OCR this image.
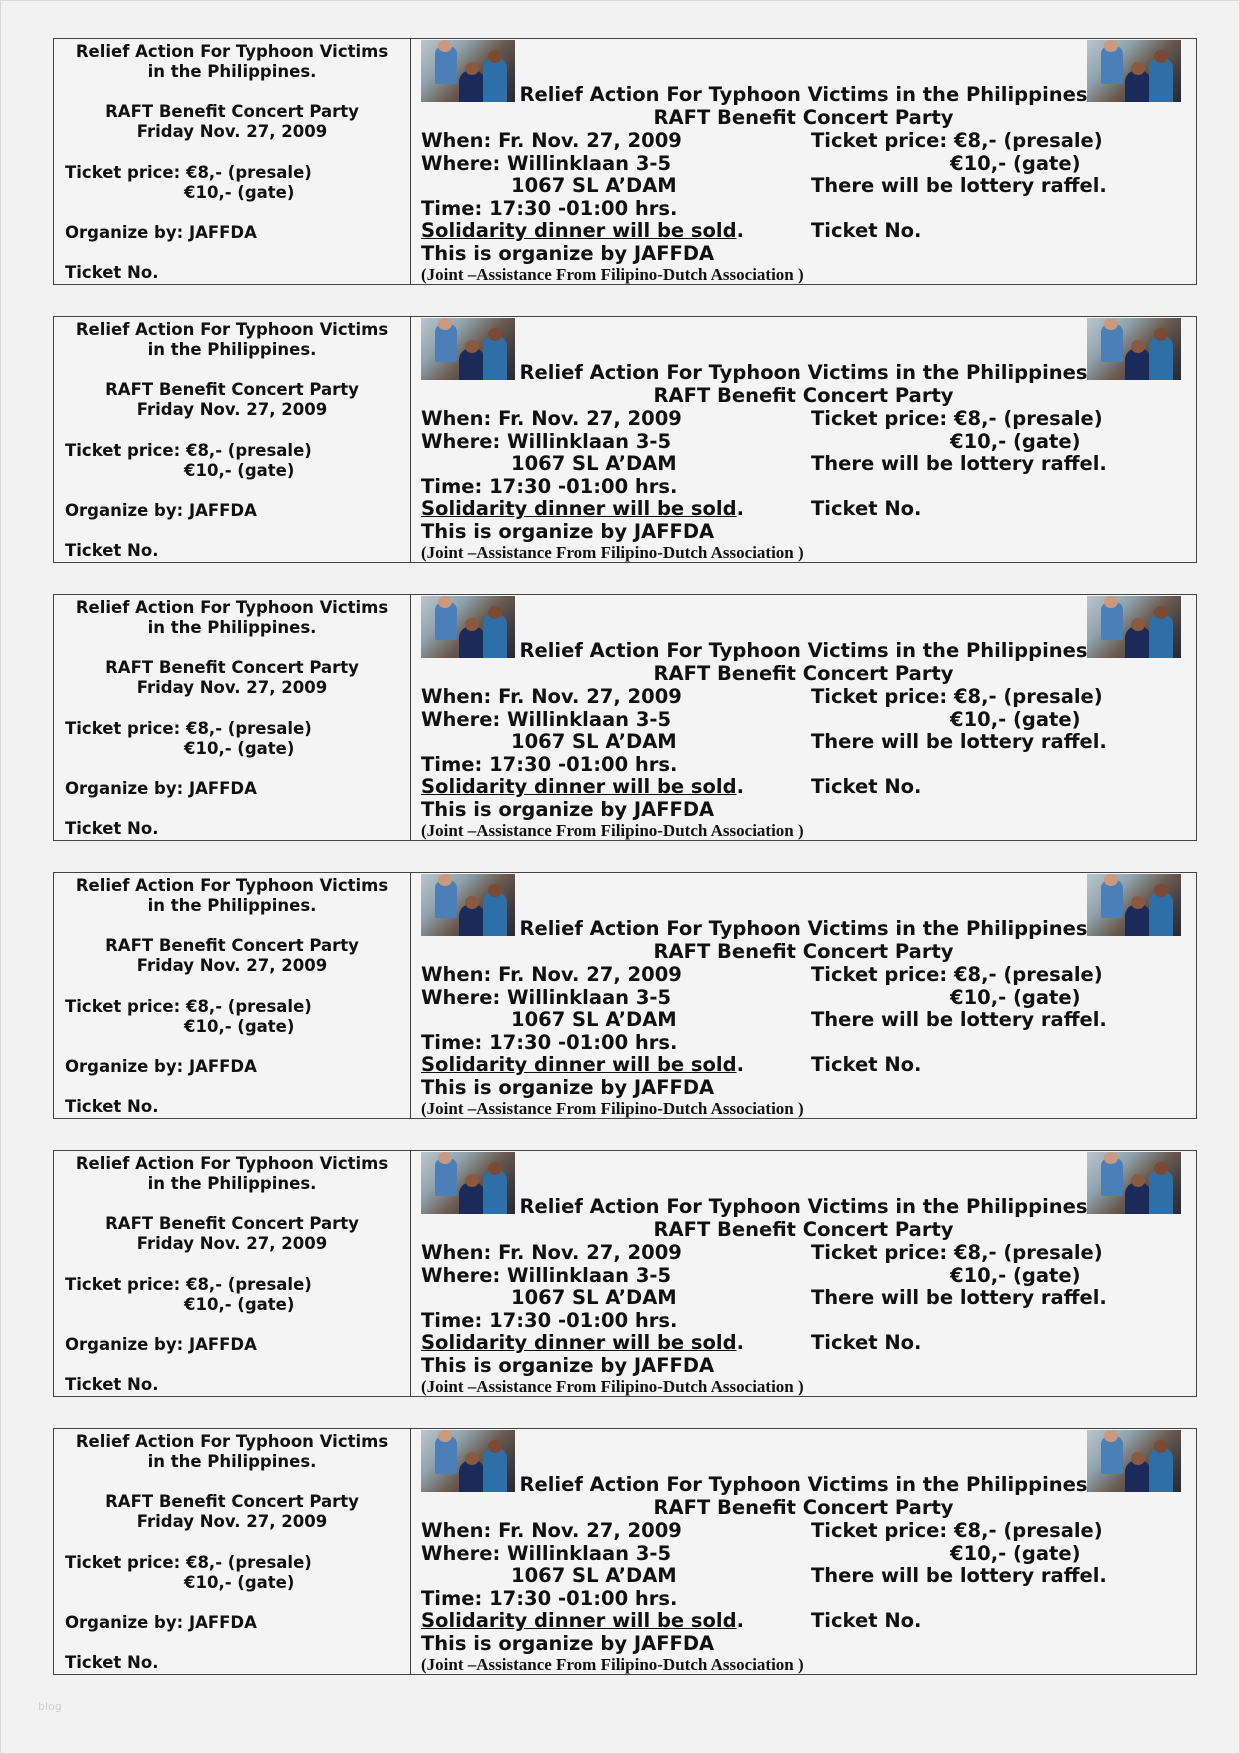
Relief Action For Typhoon Victims
in the Philippines.
RAFT Benefit Concert Party
Friday Nov. 27, 2009
Ticket price: €8,- (presale)
€10,- (gate)
Organize by: JAFFDA
Ticket No.
Relief Action For Typhoon Victims in the Philippines
RAFT Benefit Concert Party
When: Fr. Nov. 27, 2009
Where: Willinklaan 3-5
1067 SL A’DAM
Time: 17:30 -01:00 hrs.
Solidarity dinner will be sold.
This is organize by JAFFDA
(Joint –Assistance From Filipino-Dutch Association )
Ticket price: €8,- (presale)
€10,- (gate)
There will be lottery raffel.
Ticket No.
Relief Action For Typhoon Victims
in the Philippines.
RAFT Benefit Concert Party
Friday Nov. 27, 2009
Ticket price: €8,- (presale)
€10,- (gate)
Organize by: JAFFDA
Ticket No.
Relief Action For Typhoon Victims in the Philippines
RAFT Benefit Concert Party
When: Fr. Nov. 27, 2009
Where: Willinklaan 3-5
1067 SL A’DAM
Time: 17:30 -01:00 hrs.
Solidarity dinner will be sold.
This is organize by JAFFDA
(Joint –Assistance From Filipino-Dutch Association )
Ticket price: €8,- (presale)
€10,- (gate)
There will be lottery raffel.
Ticket No.
Relief Action For Typhoon Victims
in the Philippines.
RAFT Benefit Concert Party
Friday Nov. 27, 2009
Ticket price: €8,- (presale)
€10,- (gate)
Organize by: JAFFDA
Ticket No.
Relief Action For Typhoon Victims in the Philippines
RAFT Benefit Concert Party
When: Fr. Nov. 27, 2009
Where: Willinklaan 3-5
1067 SL A’DAM
Time: 17:30 -01:00 hrs.
Solidarity dinner will be sold.
This is organize by JAFFDA
(Joint –Assistance From Filipino-Dutch Association )
Ticket price: €8,- (presale)
€10,- (gate)
There will be lottery raffel.
Ticket No.
Relief Action For Typhoon Victims
in the Philippines.
RAFT Benefit Concert Party
Friday Nov. 27, 2009
Ticket price: €8,- (presale)
€10,- (gate)
Organize by: JAFFDA
Ticket No.
Relief Action For Typhoon Victims in the Philippines
RAFT Benefit Concert Party
When: Fr. Nov. 27, 2009
Where: Willinklaan 3-5
1067 SL A’DAM
Time: 17:30 -01:00 hrs.
Solidarity dinner will be sold.
This is organize by JAFFDA
(Joint –Assistance From Filipino-Dutch Association )
Ticket price: €8,- (presale)
€10,- (gate)
There will be lottery raffel.
Ticket No.
Relief Action For Typhoon Victims
in the Philippines.
RAFT Benefit Concert Party
Friday Nov. 27, 2009
Ticket price: €8,- (presale)
€10,- (gate)
Organize by: JAFFDA
Ticket No.
Relief Action For Typhoon Victims in the Philippines
RAFT Benefit Concert Party
When: Fr. Nov. 27, 2009
Where: Willinklaan 3-5
1067 SL A’DAM
Time: 17:30 -01:00 hrs.
Solidarity dinner will be sold.
This is organize by JAFFDA
(Joint –Assistance From Filipino-Dutch Association )
Ticket price: €8,- (presale)
€10,- (gate)
There will be lottery raffel.
Ticket No.
Relief Action For Typhoon Victims
in the Philippines.
RAFT Benefit Concert Party
Friday Nov. 27, 2009
Ticket price: €8,- (presale)
€10,- (gate)
Organize by: JAFFDA
Ticket No.
Relief Action For Typhoon Victims in the Philippines
RAFT Benefit Concert Party
When: Fr. Nov. 27, 2009
Where: Willinklaan 3-5
1067 SL A’DAM
Time: 17:30 -01:00 hrs.
Solidarity dinner will be sold.
This is organize by JAFFDA
(Joint –Assistance From Filipino-Dutch Association )
Ticket price: €8,- (presale)
€10,- (gate)
There will be lottery raffel.
Ticket No.
blog
